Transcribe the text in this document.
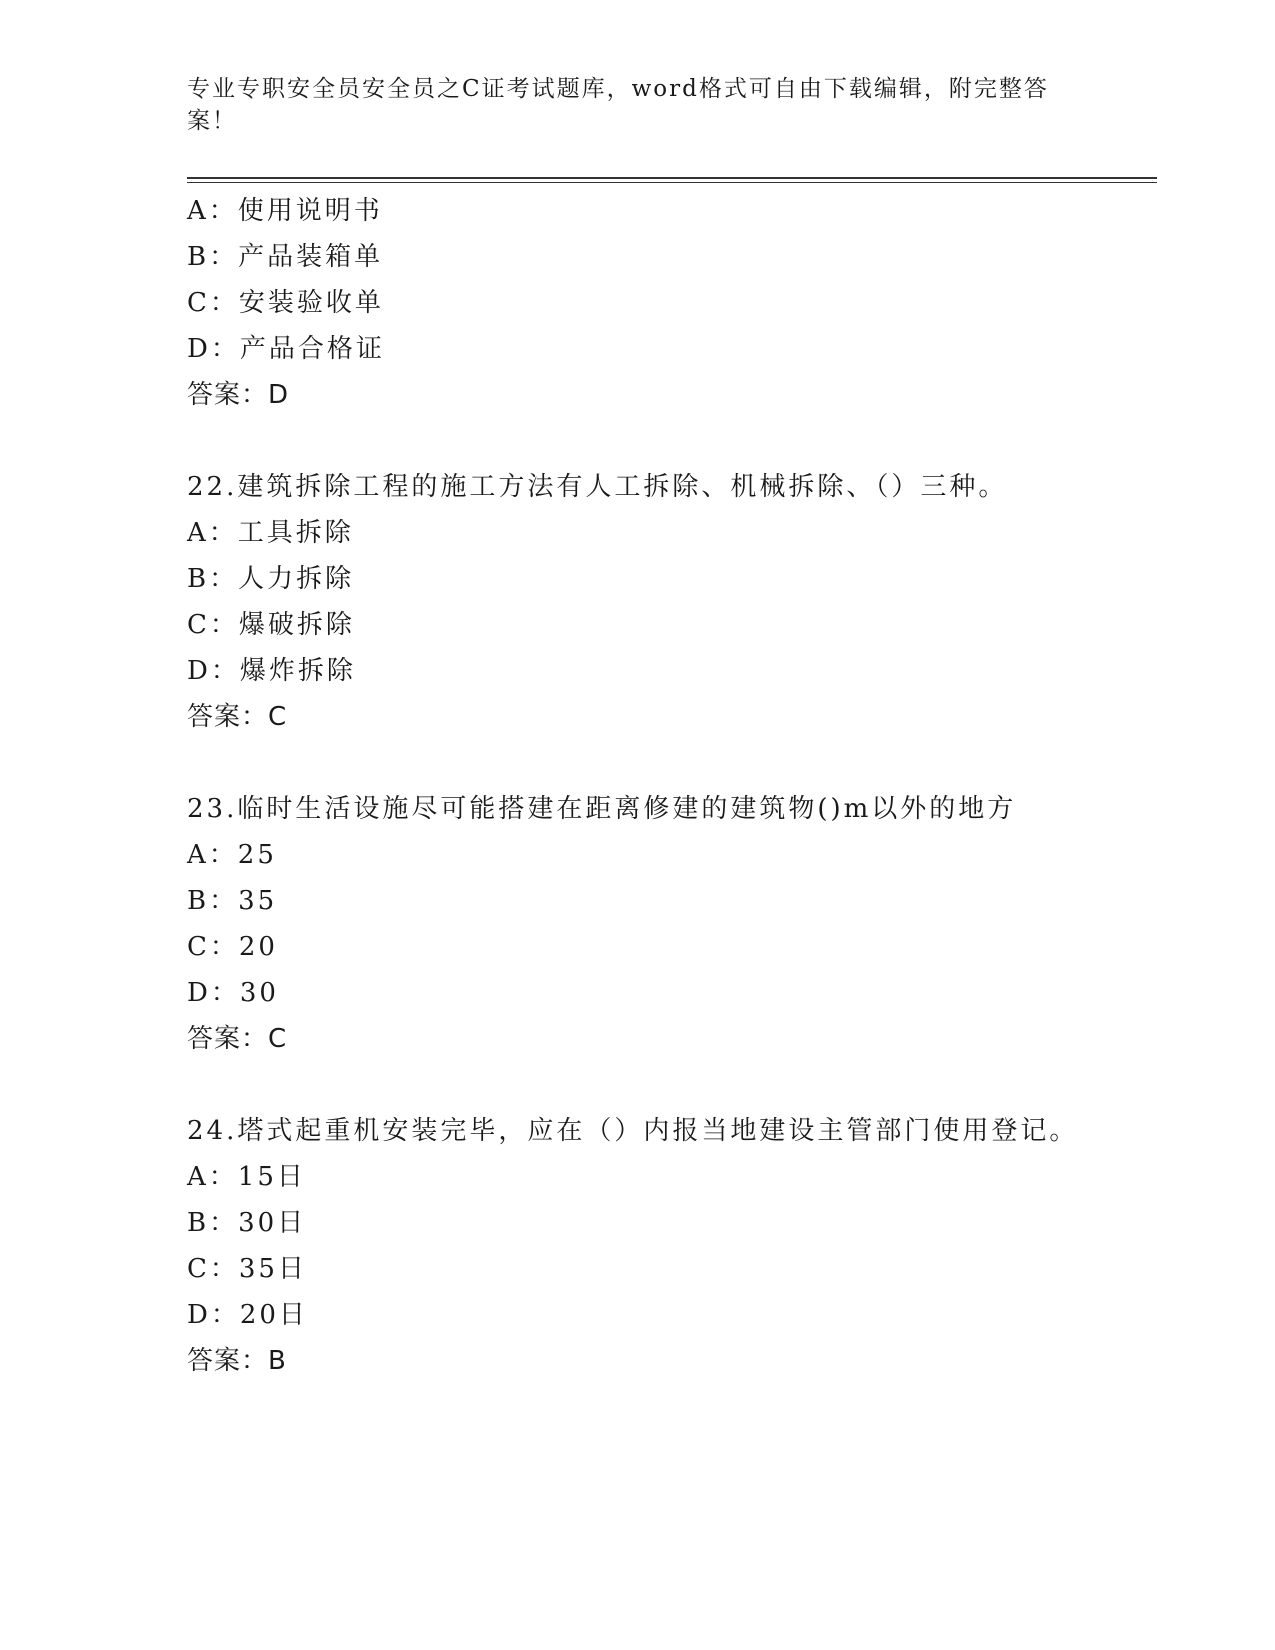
专业专职安全员安全员之C证考试题库，word格式可自由下载编辑，附完整答案！
A：使用说明书
B：产品装箱单
C：安装验收单
D：产品合格证
答案：D
22.建筑拆除工程的施工方法有人工拆除、机械拆除、（）三种。
A：工具拆除
B：人力拆除
C：爆破拆除
D：爆炸拆除
答案：C
23.临时生活设施尽可能搭建在距离修建的建筑物()m以外的地方
A：25
B：35
C：20
D：30
答案：C
24.塔式起重机安装完毕，应在（）内报当地建设主管部门使用登记。
A：15日
B：30日
C：35日
D：20日
答案：B
